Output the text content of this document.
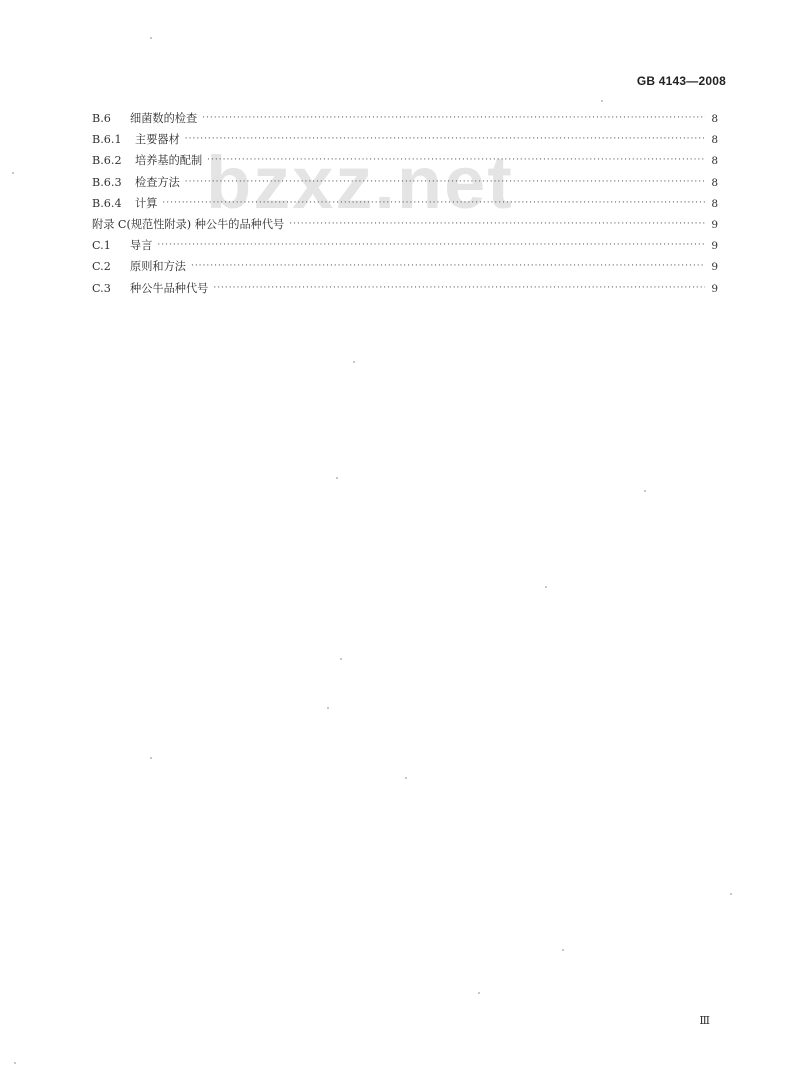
GB 4143—2008
bzxz.net
B.6	细菌数的检查 ·····	8
B.6.1	主要器材 ·····	8
B.6.2	培养基的配制 ·····	8
B.6.3	检查方法 ·····	8
B.6.4	计算 ·····	8
附录 C(规范性附录) 种公牛的品种代号 ·····	9
C.1	导言 ·····	9
C.2	原则和方法 ·····	9
C.3	种公牛品种代号 ·····	9
Ⅲ
